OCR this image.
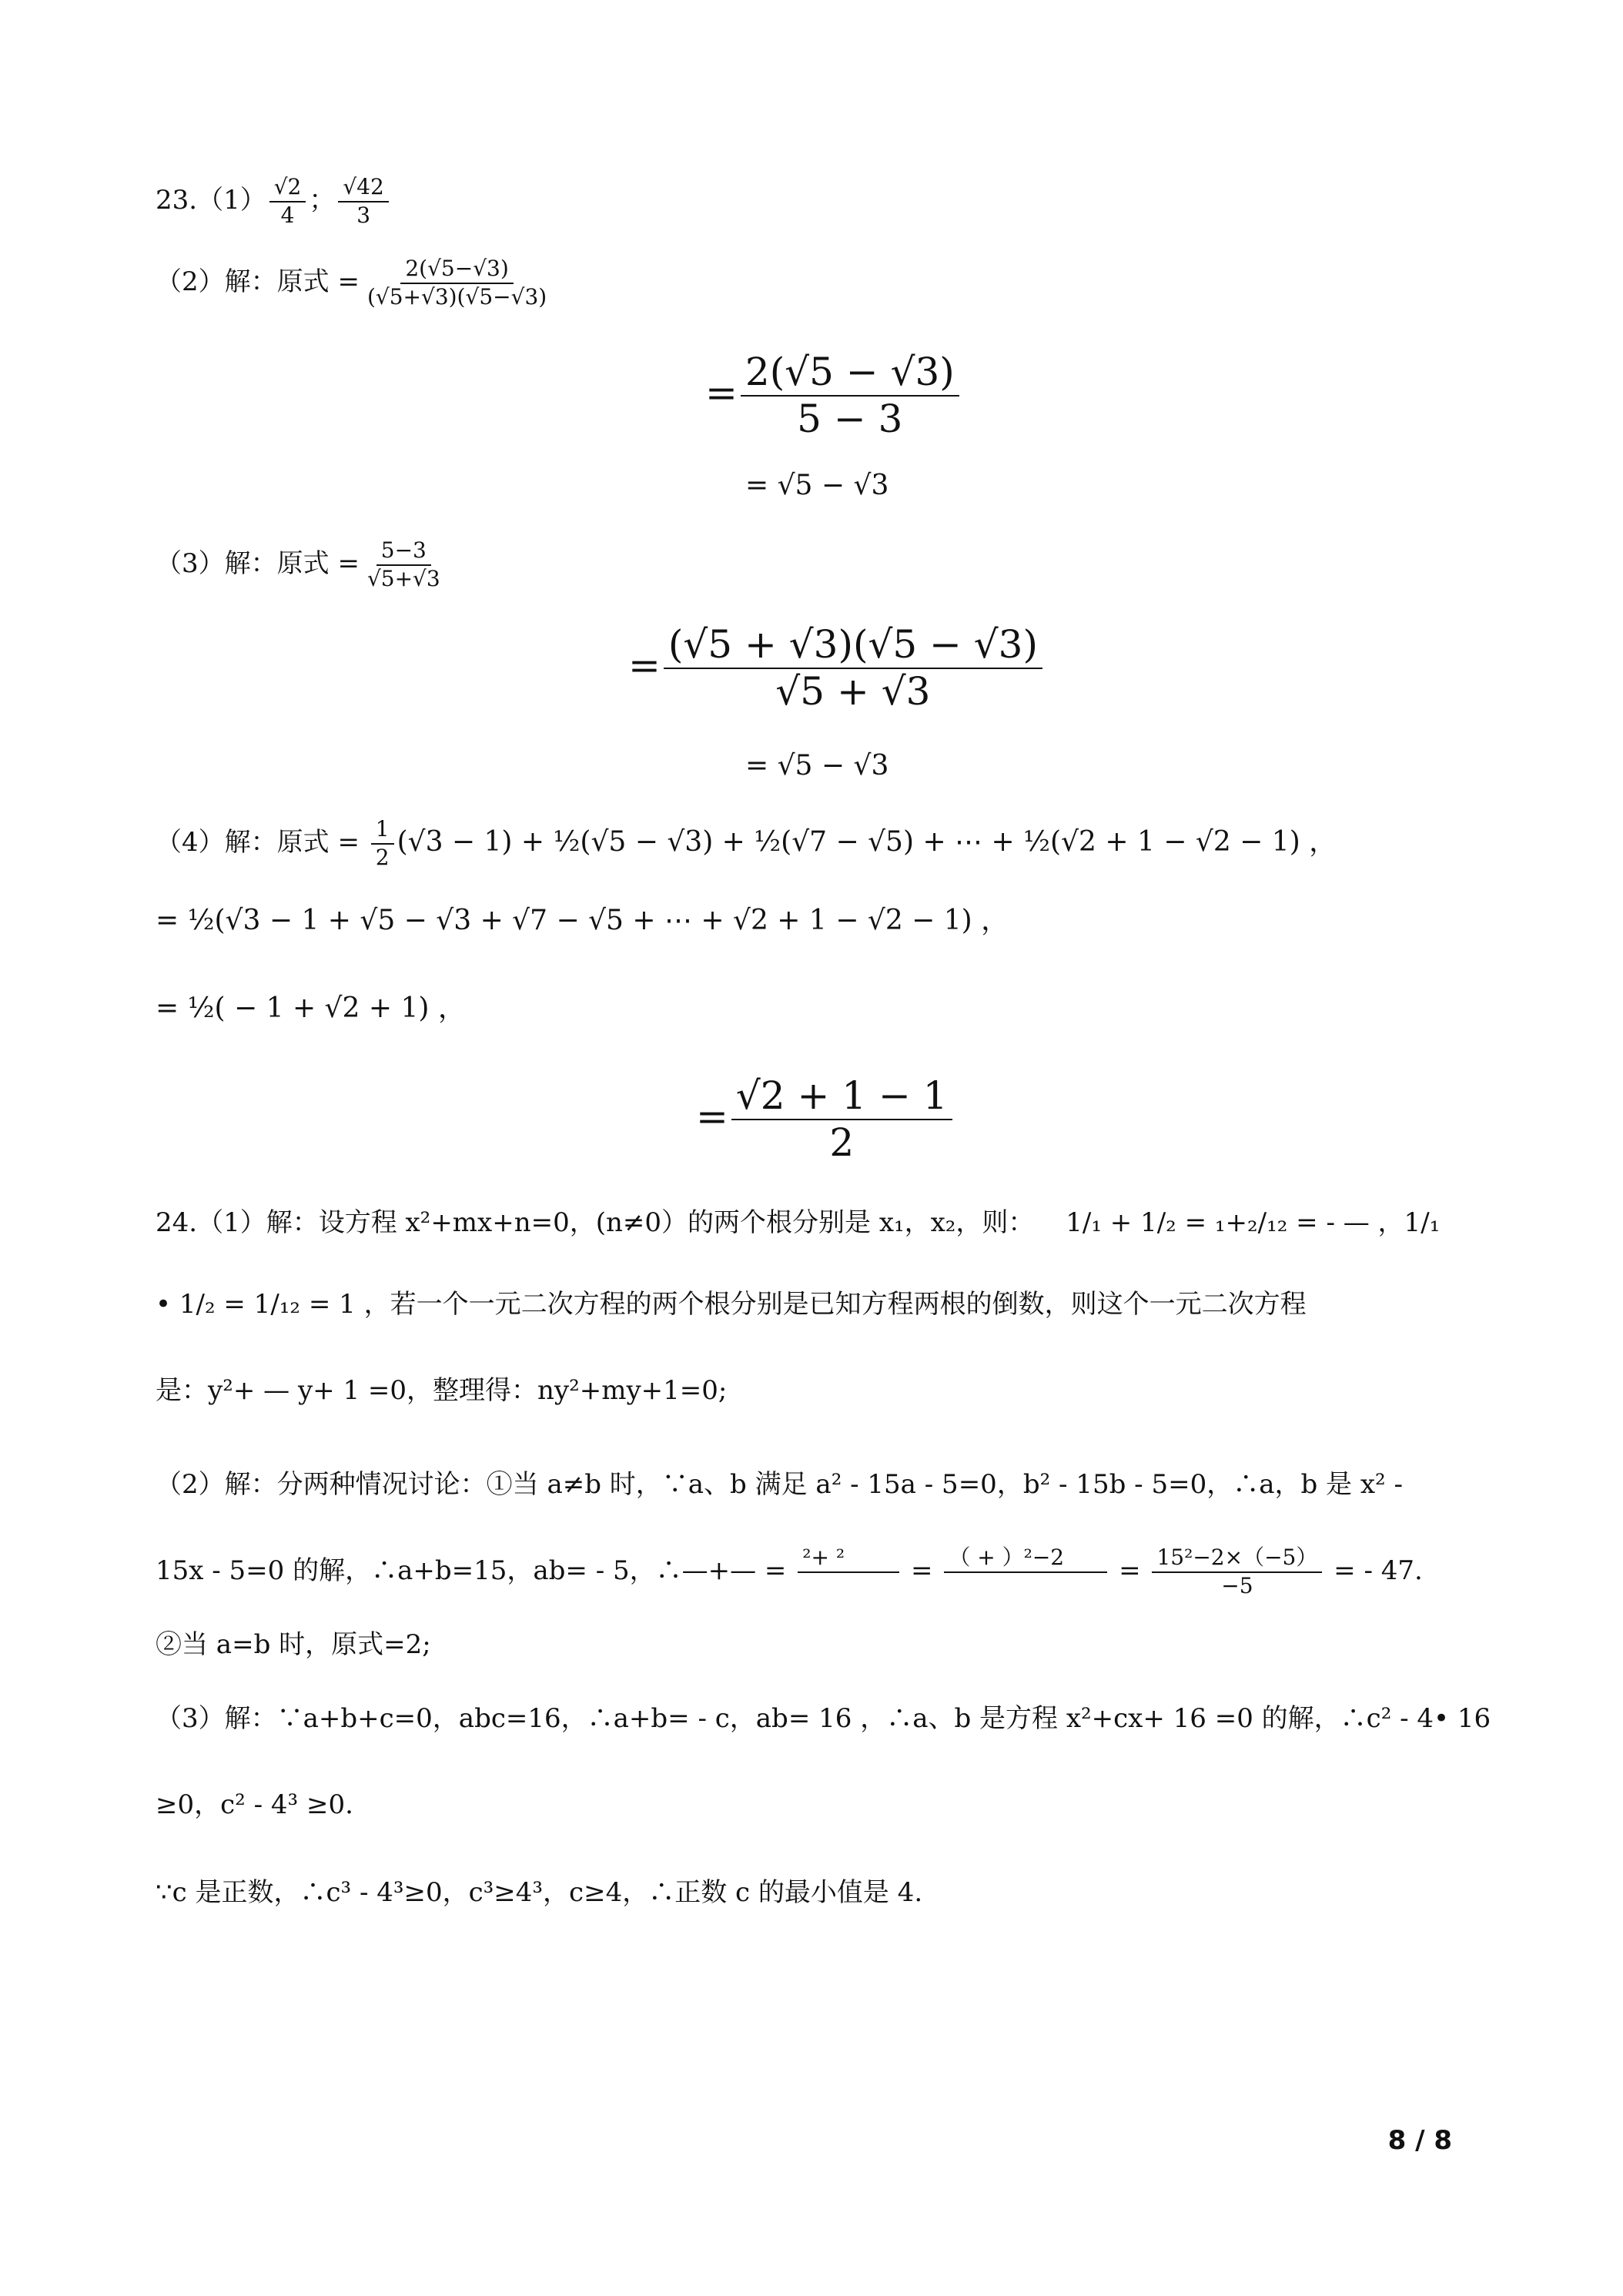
$23.(1) \frac{√2}{4}$ ； $\frac{√42}{3}$
（2）解：原式 = $\frac{2(√5-√3)}{(√5+√3)(√5-√3)}$
= $\frac{2(√5 - √3)}{5 - 3}$
= √5 − √3
（3）解：原式 = $\frac{5-3}{√5+√3}$
= $\frac{(√5 + √3)(√5 - √3)}{√5 + √3}$
= √5 − √3
（4）解：原式 = $\frac{1}{2} (√3 - 1)$ + ½(√5 − √3) + ½(√7 − √5) + ⋯ + ½(√2 + 1 − √2 − 1) ，
= ½(√3 − 1 + √5 − √3 + √7 − √5 + ⋯ + √2 + 1 − √2 − 1) ，
= ½( − 1 + √2 + 1) ，
= $\frac{√2 + 1 - 1}{2}$
24.（1）解：设方程 x²+mx+n=0，(n≠0）的两个根分别是 x₁，x₂，则： 1/₁ + 1/₂ = ₁+₂/₁₂ = - — ，1/₁
• 1/₂ = 1/₁₂ = 1 ，若一个一元二次方程的两个根分别是已知方程两根的倒数，则这个一元二次方程
是：y²+ — y+ 1 =0，整理得：ny²+my+1=0;
（2）解：分两种情况讨论：①当 a≠b 时，∵a、b 满足 a² - 15a - 5=0，b² - 15b - 5=0，∴a，b 是 x² -
15x - 5=0 的解，∴a+b=15，ab= - 5，∴—+— = ²+ ²
	= （ + ）²−2
	= $\frac{\text{15²−2×（−5）}}{-5}$ = - 47.
②当 a=b 时，原式=2;
（3）解：∵a+b+c=0，abc=16，∴a+b= - c，ab= 16 ，∴a、b 是方程 x²+cx+ 16 =0 的解，∴c² - 4• 16
≥0，c² - 4³ ≥0.
∵c 是正数，∴c³ - 4³≥0，c³≥4³，c≥4，∴正数 c 的最小值是 4.
8 / 8
